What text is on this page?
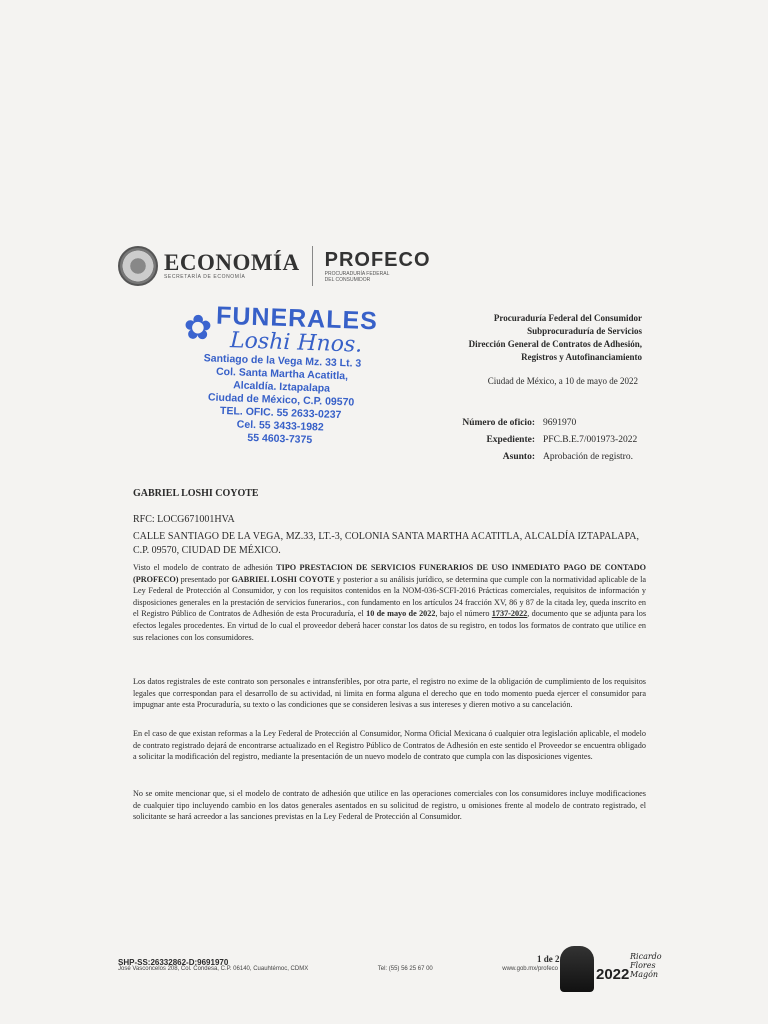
ECONOMÍA
SECRETARÍA DE ECONOMÍA
PROFECO
PROCURADURÍA FEDERAL
DEL CONSUMIDOR
✿ FUNERALES
Loshi Hnos.
Santiago de la Vega Mz. 33 Lt. 3
Col. Santa Martha Acatitla,
Alcaldía. Iztapalapa
Ciudad de México, C.P. 09570
TEL. OFIC. 55 2633-0237
Cel. 55 3433-1982
55 4603-7375
Procuraduría Federal del Consumidor
Subprocuraduría de Servicios
Dirección General de Contratos de Adhesión,
Registros y Autofinanciamiento
Ciudad de México, a 10 de mayo de 2022
Número de oficio: 9691970
Expediente: PFC.B.E.7/001973-2022
Asunto: Aprobación de registro.
GABRIEL LOSHI COYOTE
RFC: LOCG671001HVA
CALLE SANTIAGO DE LA VEGA, MZ.33, LT.-3, COLONIA SANTA MARTHA ACATITLA, ALCALDÍA IZTAPALAPA, C.P. 09570, CIUDAD DE MÉXICO.
Visto el modelo de contrato de adhesión TIPO PRESTACION DE SERVICIOS FUNERARIOS DE USO INMEDIATO PAGO DE CONTADO (PROFECO) presentado por GABRIEL LOSHI COYOTE y posterior a su análisis jurídico, se determina que cumple con la normatividad aplicable de la Ley Federal de Protección al Consumidor, y con los requisitos contenidos en la NOM-036-SCFI-2016 Prácticas comerciales, requisitos de información y disposiciones generales en la prestación de servicios funerarios., con fundamento en los artículos 24 fracción XV, 86 y 87 de la citada ley, queda inscrito en el Registro Público de Contratos de Adhesión de esta Procuraduría, el 10 de mayo de 2022, bajo el número 1737-2022, documento que se adjunta para los efectos legales procedentes. En virtud de lo cual el proveedor deberá hacer constar los datos de su registro, en todos los formatos de contrato que utilice en sus relaciones con los consumidores.
Los datos registrales de este contrato son personales e intransferibles, por otra parte, el registro no exime de la obligación de cumplimiento de los requisitos legales que correspondan para el desarrollo de su actividad, ni limita en forma alguna el derecho que en todo momento pueda ejercer el consumidor para impugnar ante esta Procuraduría, su texto o las condiciones que se consideren lesivas a sus intereses y dieren motivo a su cancelación.
En el caso de que existan reformas a la Ley Federal de Protección al Consumidor, Norma Oficial Mexicana ó cualquier otra legislación aplicable, el modelo de contrato registrado dejará de encontrarse actualizado en el Registro Público de Contratos de Adhesión en este sentido el Proveedor se encuentra obligado a solicitar la modificación del registro, mediante la presentación de un nuevo modelo de contrato que cumpla con las disposiciones vigentes.
No se omite mencionar que, si el modelo de contrato de adhesión que utilice en las operaciones comerciales con los consumidores incluye modificaciones de cualquier tipo incluyendo cambio en los datos generales asentados en su solicitud de registro, u omisiones frente al modelo de contrato registrado, el solicitante se hará acreedor a las sanciones previstas en la Ley Federal de Protección al Consumidor.
1 de 2
SHP-SS:26332862-D:9691970
José Vasconcelos 208, Col. Condesa, C.P. 06140, Cuauhtémoc, CDMX	Tel: (55) 56 25 67 00	www.gob.mx/profeco	2022
Ricardo
Flores
Magón
